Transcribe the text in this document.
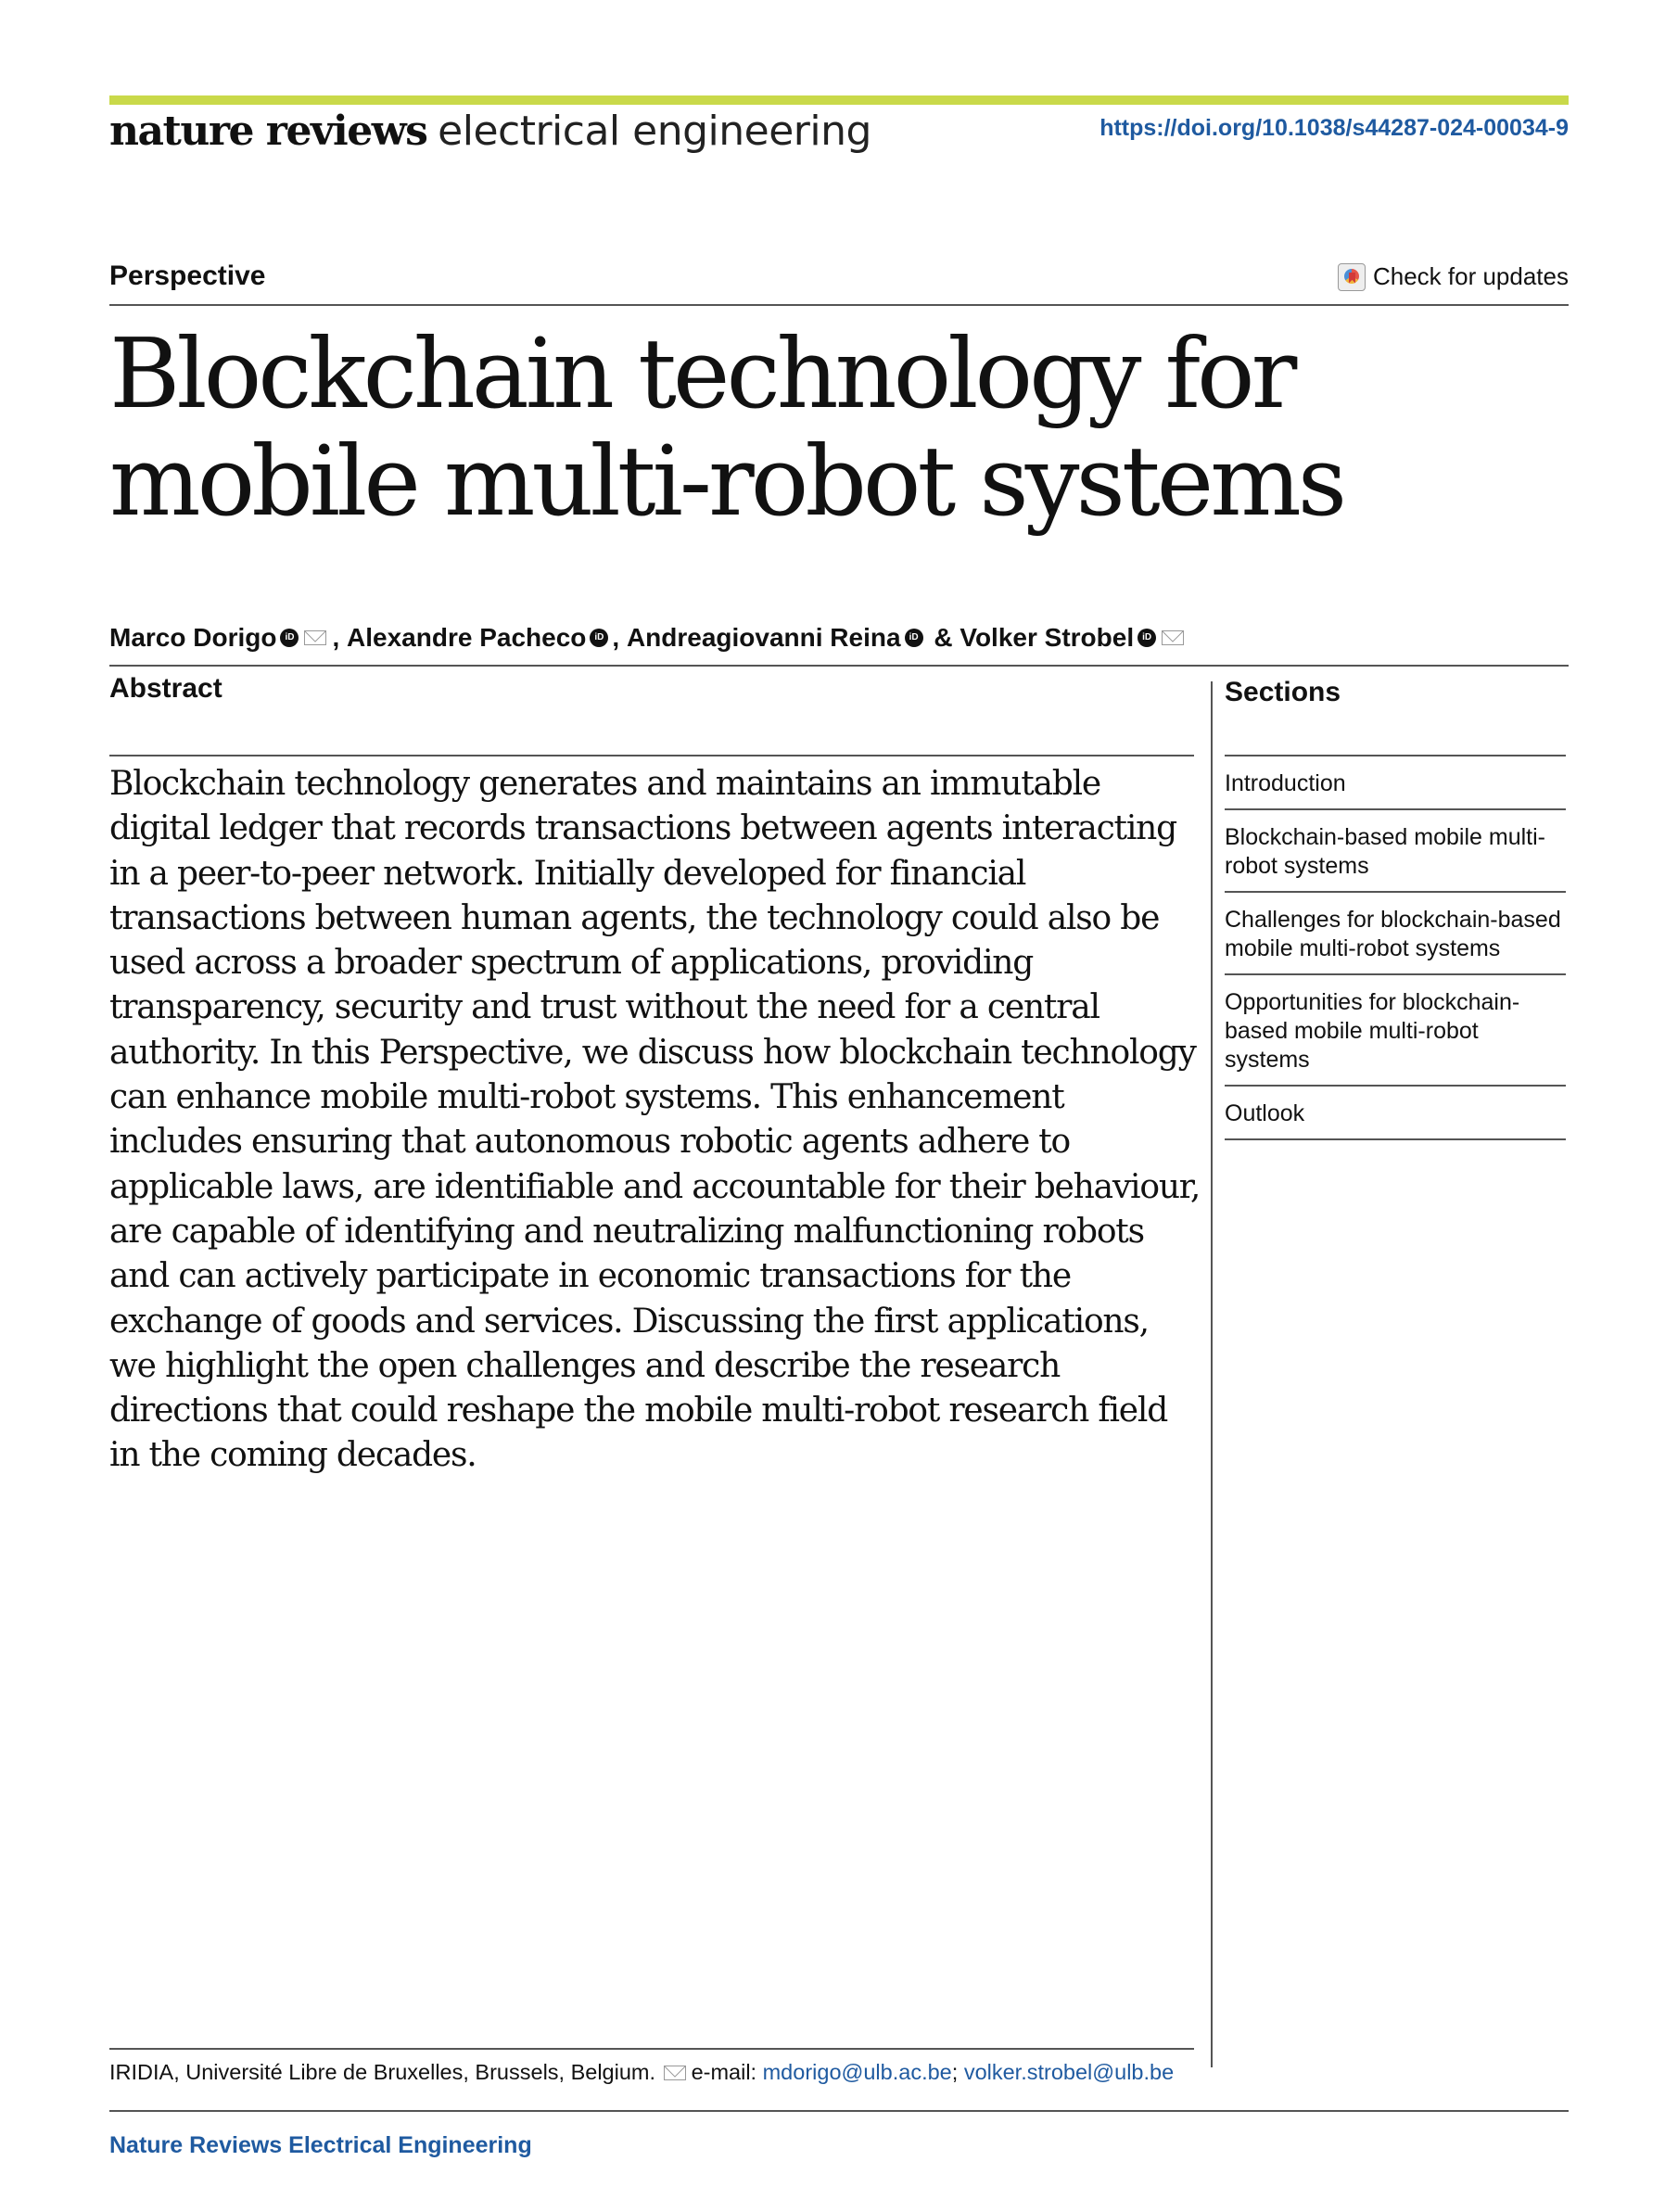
nature reviews electrical engineering	https://doi.org/10.1038/s44287-024-00034-9
Perspective	Check for updates
Blockchain technology for mobile multi-robot systems
Marco Dorigo iD ,
Alexandre Pacheco iD ,
Andreagiovanni Reina iD
&
Volker Strobel iD
Abstract

Blockchain technology generates and maintains an immutable digital ledger that records transactions between agents interacting in a peer-to-peer network. Initially developed for financial transactions between human agents, the technology could also be used across a broader spectrum of applications, providing transparency, security and trust without the need for a central authority. In this Perspective, we discuss how blockchain technology can enhance mobile multi-robot systems. This enhancement includes ensuring that autonomous robotic agents adhere to applicable laws, are identifiable and accountable for their behaviour, are capable of identifying and neutralizing malfunctioning robots and can actively participate in economic transactions for the exchange of goods and services. Discussing the first applications, we highlight the open challenges and describe the research directions that could reshape the mobile multi-robot research field in the coming decades.

Sections
Introduction
Blockchain-based mobile multi-robot systems
Challenges for blockchain-based mobile multi-robot systems
Opportunities for blockchain-based mobile multi-robot systems
Outlook
IRIDIA, Université Libre de Bruxelles, Brussels, Belgium.
e-mail:
mdorigo@ulb.ac.be ;
volker.strobel@ulb.be
Nature Reviews Electrical Engineering
